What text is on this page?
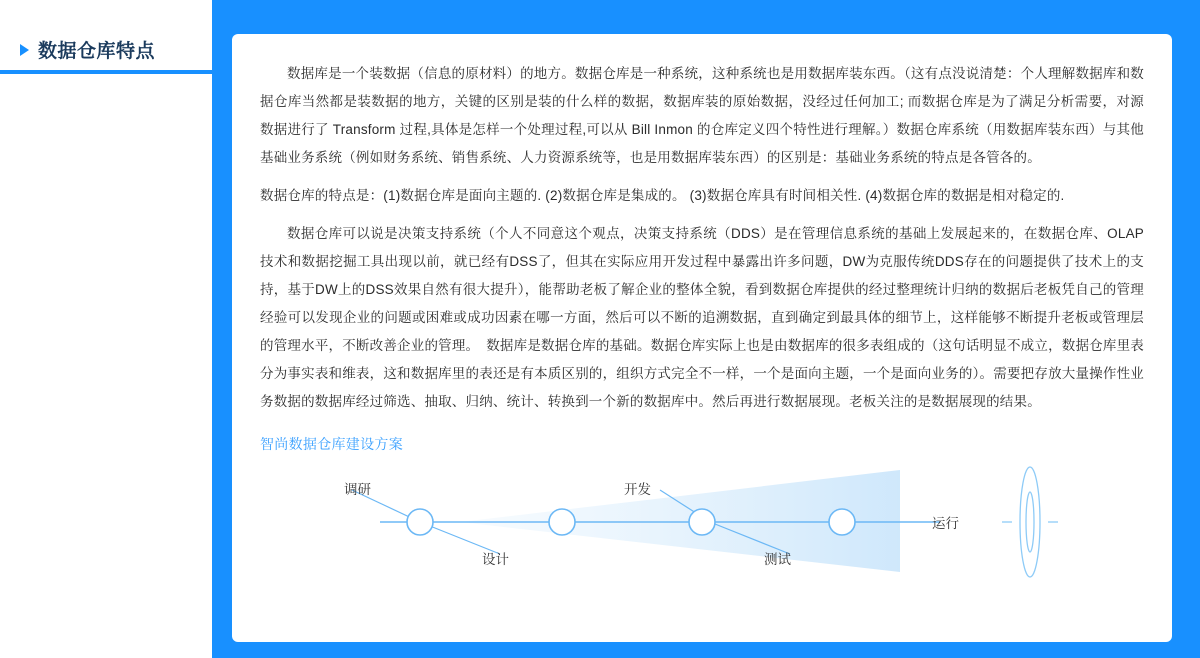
数据仓库特点

数据库是一个装数据（信息的原材料）的地方。数据仓库是一种系统，这种系统也是用数据库装东西。（这有点没说清楚：个人理解数据库和数据仓库当然都是装数据的地方，关键的区别是装的什么样的数据，数据库装的原始数据，没经过任何加工; 而数据仓库是为了满足分析需要，对源数据进行了 Transform 过程,具体是怎样一个处理过程,可以从 Bill Inmon 的仓库定义四个特性进行理解。）数据仓库系统（用数据库装东西）与其他基础业务系统（例如财务系统、销售系统、人力资源系统等，也是用数据库装东西）的区别是：基础业务系统的特点是各管各的。

数据仓库的特点是：(1)数据仓库是面向主题的. (2)数据仓库是集成的。 (3)数据仓库具有时间相关性. (4)数据仓库的数据是相对稳定的.

数据仓库可以说是决策支持系统（个人不同意这个观点，决策支持系统（DDS）是在管理信息系统的基础上发展起来的，在数据仓库、OLAP技术和数据挖掘工具出现以前，就已经有DSS了，但其在实际应用开发过程中暴露出许多问题，DW为克服传统DDS存在的问题提供了技术上的支持，基于DW上的DSS效果自然有很大提升），能帮助老板了解企业的整体全貌，看到数据仓库提供的经过整理统计归纳的数据后老板凭自己的管理经验可以发现企业的问题或困难或成功因素在哪一方面，然后可以不断的追溯数据，直到确定到最具体的细节上，这样能够不断提升老板或管理层的管理水平，不断改善企业的管理。　数据库是数据仓库的基础。数据仓库实际上也是由数据库的很多表组成的（这句话明显不成立，数据仓库里表分为事实表和维表，这和数据库里的表还是有本质区别的，组织方式完全不一样，一个是面向主题，一个是面向业务的）。需要把存放大量操作性业务数据的数据库经过筛选、抽取、归纳、统计、转换到一个新的数据库中。然后再进行数据展现。老板关注的是数据展现的结果。

智尚数据仓库建设方案
调研
设计
开发
测试
运行
